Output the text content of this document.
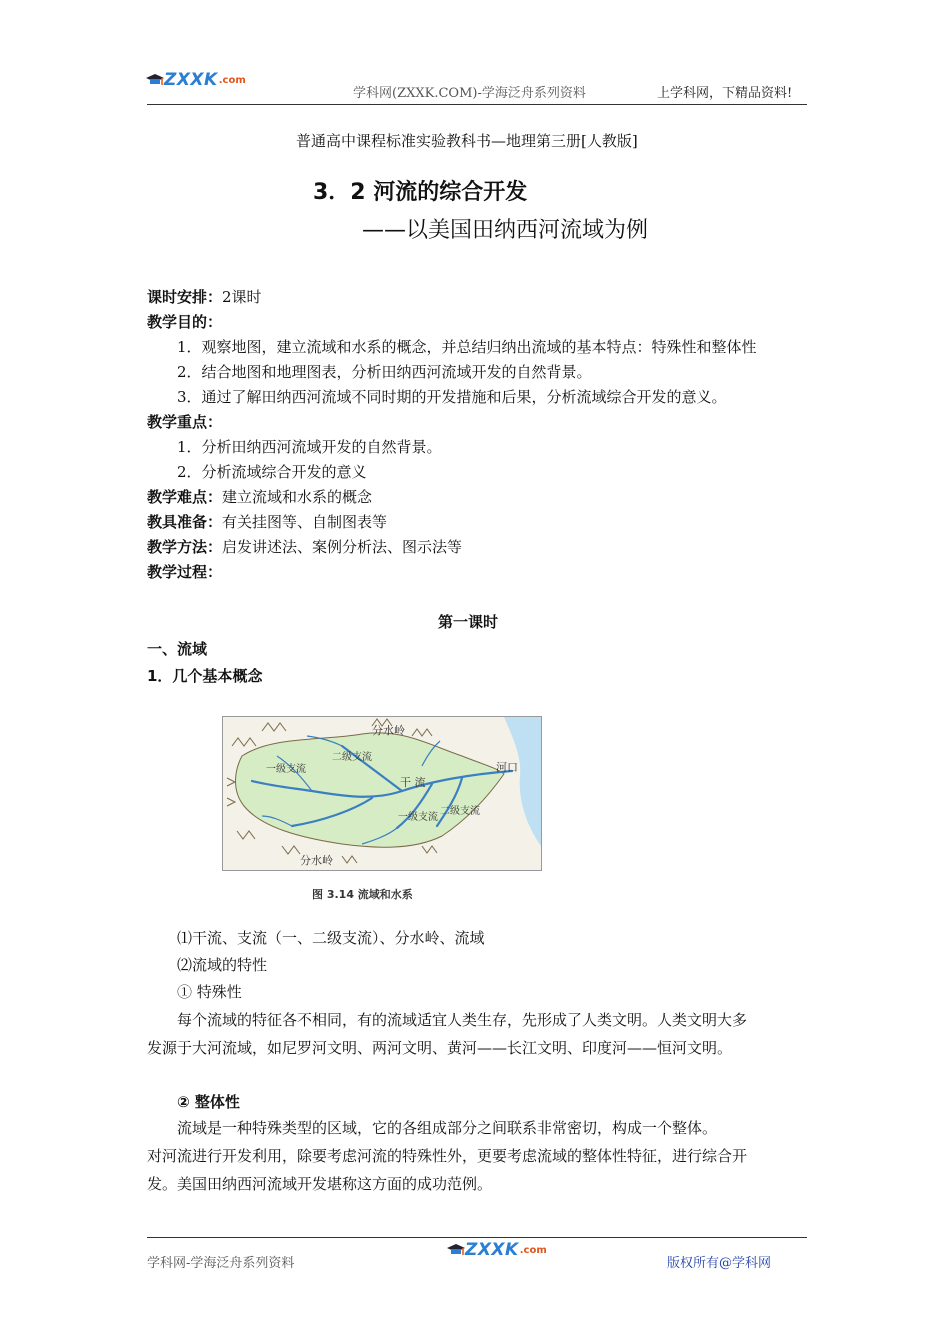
ZXXK .com
学科网(ZXXK.COM)-学海泛舟系列资料	上学科网，下精品资料!
普通高中课程标准实验教科书—地理第三册[人教版]
3．2 河流的综合开发
——以美国田纳西河流域为例
课时安排：2课时
教学目的：
1．观察地图，建立流域和水系的概念，并总结归纳出流域的基本特点：特殊性和整体性
2．结合地图和地理图表，分析田纳西河流域开发的自然背景。
3．通过了解田纳西河流域不同时期的开发措施和后果，分析流域综合开发的意义。
教学重点：
1．分析田纳西河流域开发的自然背景。
2．分析流域综合开发的意义
教学难点：建立流域和水系的概念
教具准备：有关挂图等、自制图表等
教学方法：启发讲述法、案例分析法、图示法等
教学过程：
第一课时
一、流域
1．几个基本概念
分水岭
分水岭
河口
干 流
一级支流
一级支流
二级支流
二级支流
图 3.14 流域和水系
⑴干流、支流（一、二级支流）、分水岭、流域
⑵流域的特性
① 特殊性
每个流域的特征各不相同，有的流域适宜人类生存，先形成了人类文明。人类文明大多
发源于大河流域，如尼罗河文明、两河文明、黄河——长江文明、印度河——恒河文明。
② 整体性
流域是一种特殊类型的区域，它的各组成部分之间联系非常密切，构成一个整体。
对河流进行开发利用，除要考虑河流的特殊性外，更要考虑流域的整体性特征，进行综合开
发。美国田纳西河流域开发堪称这方面的成功范例。
学科网-学海泛舟系列资料
ZXXK .com
版权所有@学科网
